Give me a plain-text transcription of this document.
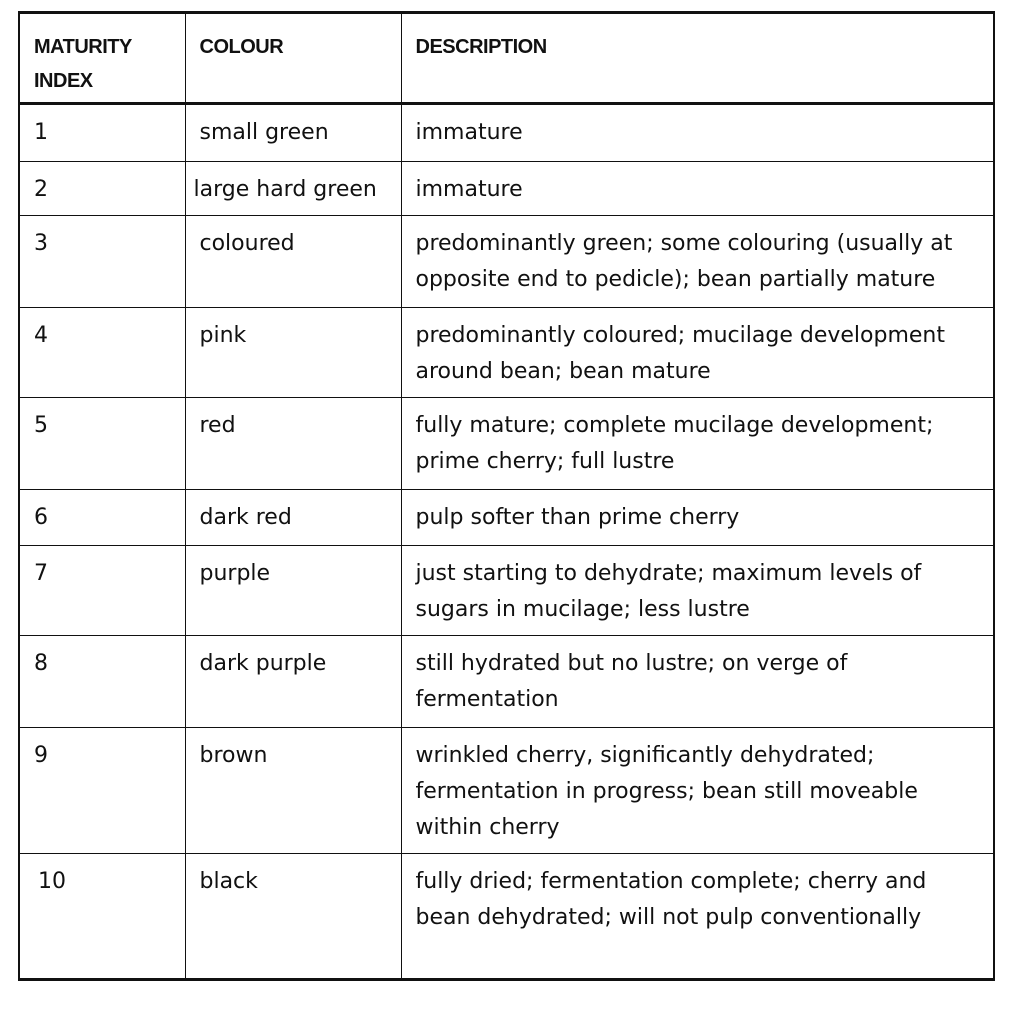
MATURITY INDEX	COLOUR	DESCRIPTION
1	small green	immature
2	large hard green	immature
3	coloured	predominantly green; some colouring (usually at opposite end to pedicle); bean partially mature
4	pink	predominantly coloured; mucilage development around bean; bean mature
5	red	fully mature; complete mucilage development; prime cherry; full lustre
6	dark red	pulp softer than prime cherry
7	purple	just starting to dehydrate; maximum levels of sugars in mucilage; less lustre
8	dark purple	still hydrated but no lustre; on verge of fermentation
9	brown	wrinkled cherry, significantly dehydrated; fermentation in progress; bean still moveable within cherry
10	black	fully dried; fermentation complete; cherry and bean dehydrated; will not pulp conventionally
